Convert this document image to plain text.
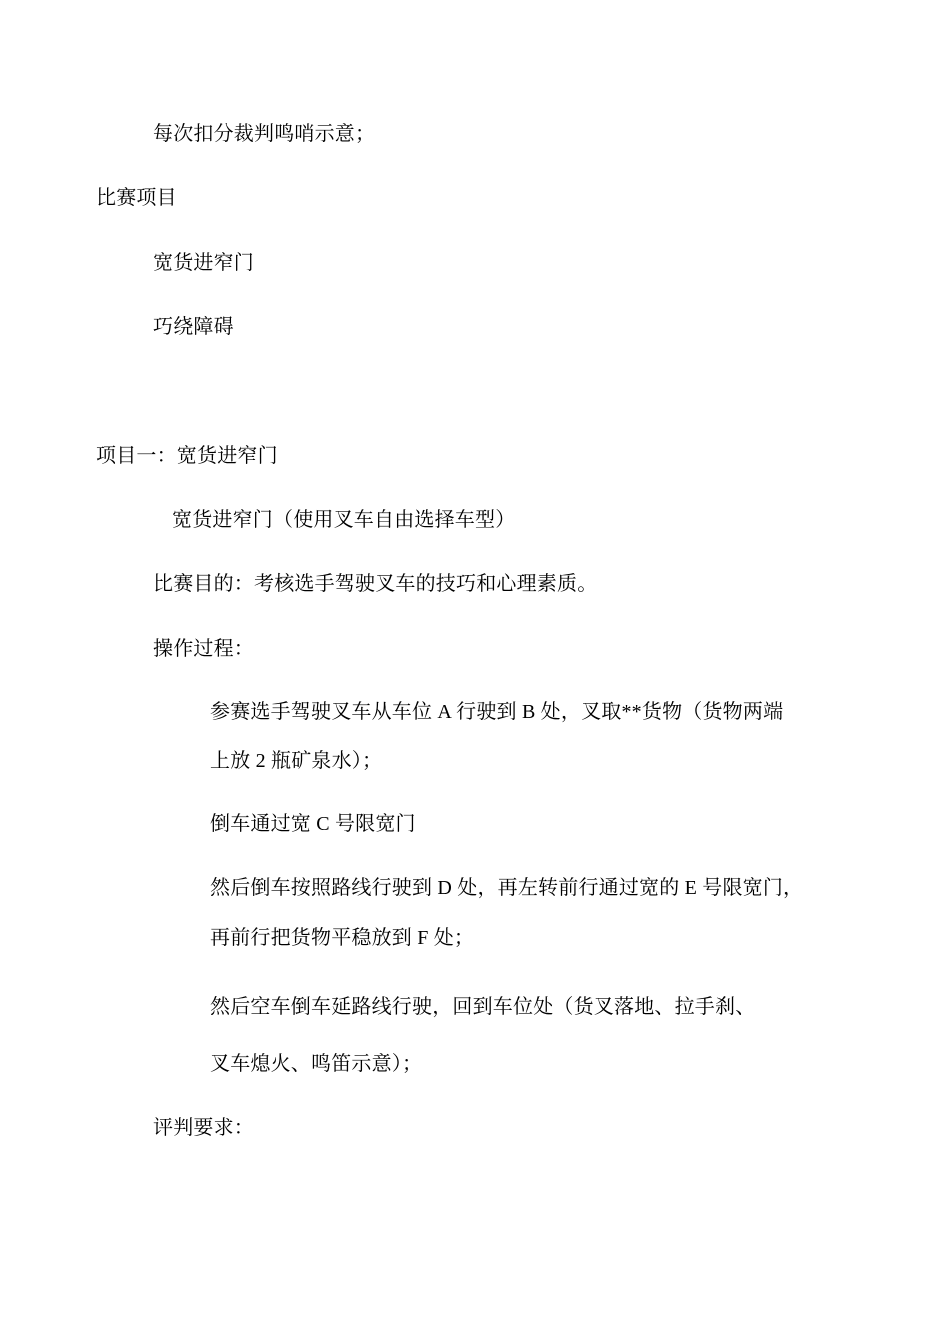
每次扣分裁判鸣哨示意；
比赛项目
宽货进窄门
巧绕障碍
项目一：宽货进窄门
宽货进窄门（使用叉车自由选择车型）
比赛目的：考核选手驾驶叉车的技巧和心理素质。
操作过程：
参赛选手驾驶叉车从车位 A 行驶到 B 处，叉取**货物（货物两端
上放 2 瓶矿泉水）；
倒车通过宽 C 号限宽门
然后倒车按照路线行驶到 D 处，再左转前行通过宽的 E 号限宽门，
再前行把货物平稳放到 F 处；
然后空车倒车延路线行驶，回到车位处（货叉落地、拉手刹、
叉车熄火、鸣笛示意）；
评判要求：
